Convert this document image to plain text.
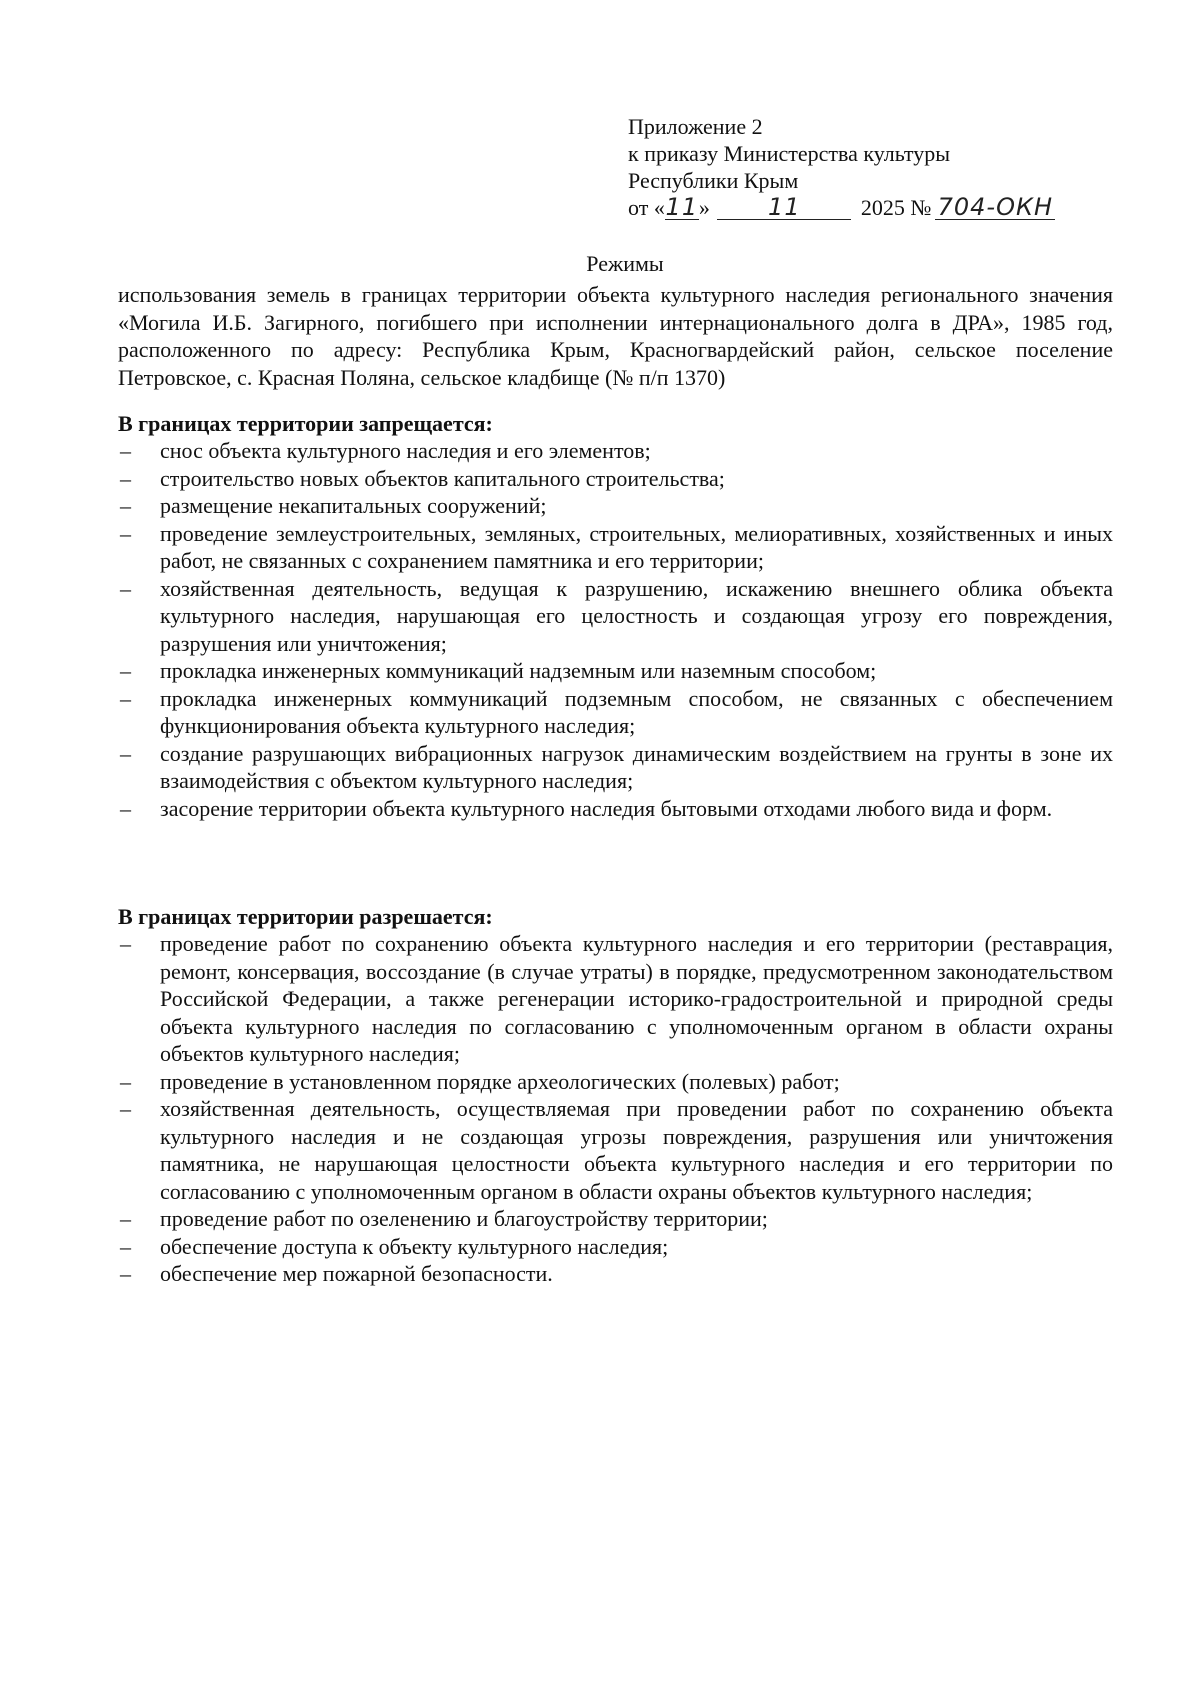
Приложение 2
к приказу Министерства культуры
Республики Крым
от «11» 11	2025 № 704-ОКН
Режимы
использования земель в границах территории объекта культурного наследия регионального значения «Могила И.Б. Загирного, погибшего при исполнении интернационального долга в ДРА», 1985 год, расположенного по адресу: Республика Крым, Красногвардейский район, сельское поселение Петровское, с. Красная Поляна, сельское кладбище (№ п/п 1370)
В границах территории запрещается:
– снос объекта культурного наследия и его элементов;
– строительство новых объектов капитального строительства;
– размещение некапитальных сооружений;
– проведение землеустроительных, земляных, строительных, мелиоративных, хозяйственных и иных работ, не связанных с сохранением памятника и его территории;
– хозяйственная деятельность, ведущая к разрушению, искажению внешнего облика объекта культурного наследия, нарушающая его целостность и создающая угрозу его повреждения, разрушения или уничтожения;
– прокладка инженерных коммуникаций надземным или наземным способом;
– прокладка инженерных коммуникаций подземным способом, не связанных с обеспечением функционирования объекта культурного наследия;
– создание разрушающих вибрационных нагрузок динамическим воздействием на грунты в зоне их взаимодействия с объектом культурного наследия;
– засорение территории объекта культурного наследия бытовыми отходами любого вида и форм.
В границах территории разрешается:
– проведение работ по сохранению объекта культурного наследия и его территории (реставрация, ремонт, консервация, воссоздание (в случае утраты) в порядке, предусмотренном законодательством Российской Федерации, а также регенерации историко-градостроительной и природной среды объекта культурного наследия по согласованию с уполномоченным органом в области охраны объектов культурного наследия;
– проведение в установленном порядке археологических (полевых) работ;
– хозяйственная деятельность, осуществляемая при проведении работ по сохранению объекта культурного наследия и не создающая угрозы повреждения, разрушения или уничтожения памятника, не нарушающая целостности объекта культурного наследия и его территории по согласованию с уполномоченным органом в области охраны объектов культурного наследия;
– проведение работ по озеленению и благоустройству территории;
– обеспечение доступа к объекту культурного наследия;
– обеспечение мер пожарной безопасности.
